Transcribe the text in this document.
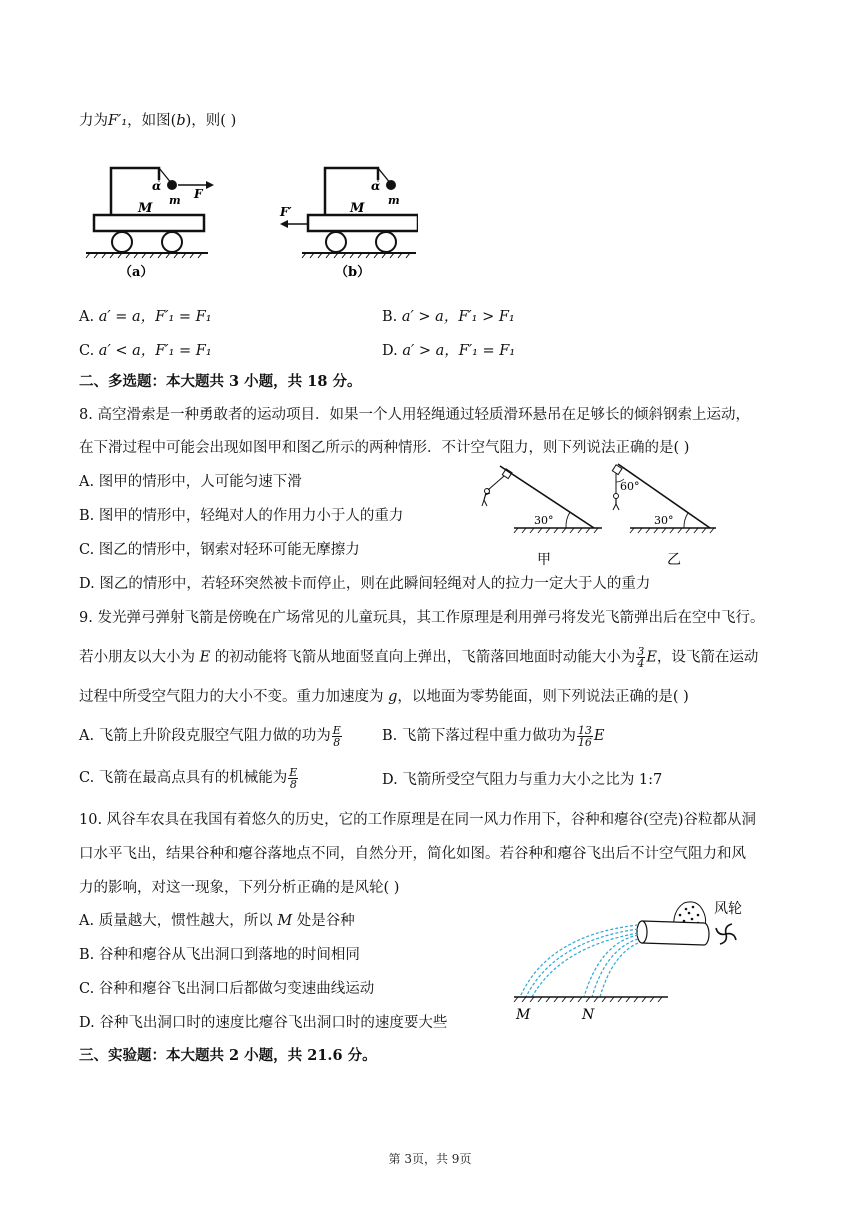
力为F′₁，如图(b)，则( )
α
M
m F
（a）
α
M
m
F′
（b）
A. a′ = a，F′₁ = F₁	B. a′ > a，F′₁ > F₁
C. a′ < a，F′₁ = F₁	D. a′ > a，F′₁ = F₁
二、多选题：本大题共 3 小题，共 18 分。
8. 高空滑索是一种勇敢者的运动项目．如果一个人用轻绳通过轻质滑环悬吊在足够长的倾斜钢索上运动，
在下滑过程中可能会出现如图甲和图乙所示的两种情形．不计空气阻力，则下列说法正确的是( )
A. 图甲的情形中，人可能匀速下滑
B. 图甲的情形中，轻绳对人的作用力小于人的重力
C. 图乙的情形中，钢索对轻环可能无摩擦力
D. 图乙的情形中，若轻环突然被卡而停止，则在此瞬间轻绳对人的拉力一定大于人的重力
30°
甲
30°
60°
乙
9. 发光弹弓弹射飞箭是傍晚在广场常见的儿童玩具，其工作原理是利用弹弓将发光飞箭弹出后在空中飞行。
若小朋友以大小为 E 的初动能将飞箭从地面竖直向上弹出，飞箭落回地面时动能大小为 $\frac{3}{4}$ E，设飞箭在运动
过程中所受空气阻力的大小不变。重力加速度为 g，以地面为零势能面，则下列说法正确的是( )
A. 飞箭上升阶段克服空气阻力做的功为 $\frac{E}{8}$	B. 飞箭下落过程中重力做功为 $\frac{13}{16}$ E
C. 飞箭在最高点具有的机械能为 $\frac{E}{8}$	D. 飞箭所受空气阻力与重力大小之比为 1:7
10. 风谷车农具在我国有着悠久的历史，它的工作原理是在同一风力作用下，谷种和瘪谷(空壳)谷粒都从洞
口水平飞出，结果谷种和瘪谷落地点不同，自然分开，简化如图。若谷种和瘪谷飞出后不计空气阻力和风
力的影响，对这一现象，下列分析正确的是风轮( )
A. 质量越大，惯性越大，所以 M 处是谷种
B. 谷种和瘪谷从飞出洞口到落地的时间相同
C. 谷种和瘪谷飞出洞口后都做匀变速曲线运动
D. 谷种飞出洞口时的速度比瘪谷飞出洞口时的速度要大些
风轮
M	N
三、实验题：本大题共 2 小题，共 21.6 分。
第 3页，共 9页
